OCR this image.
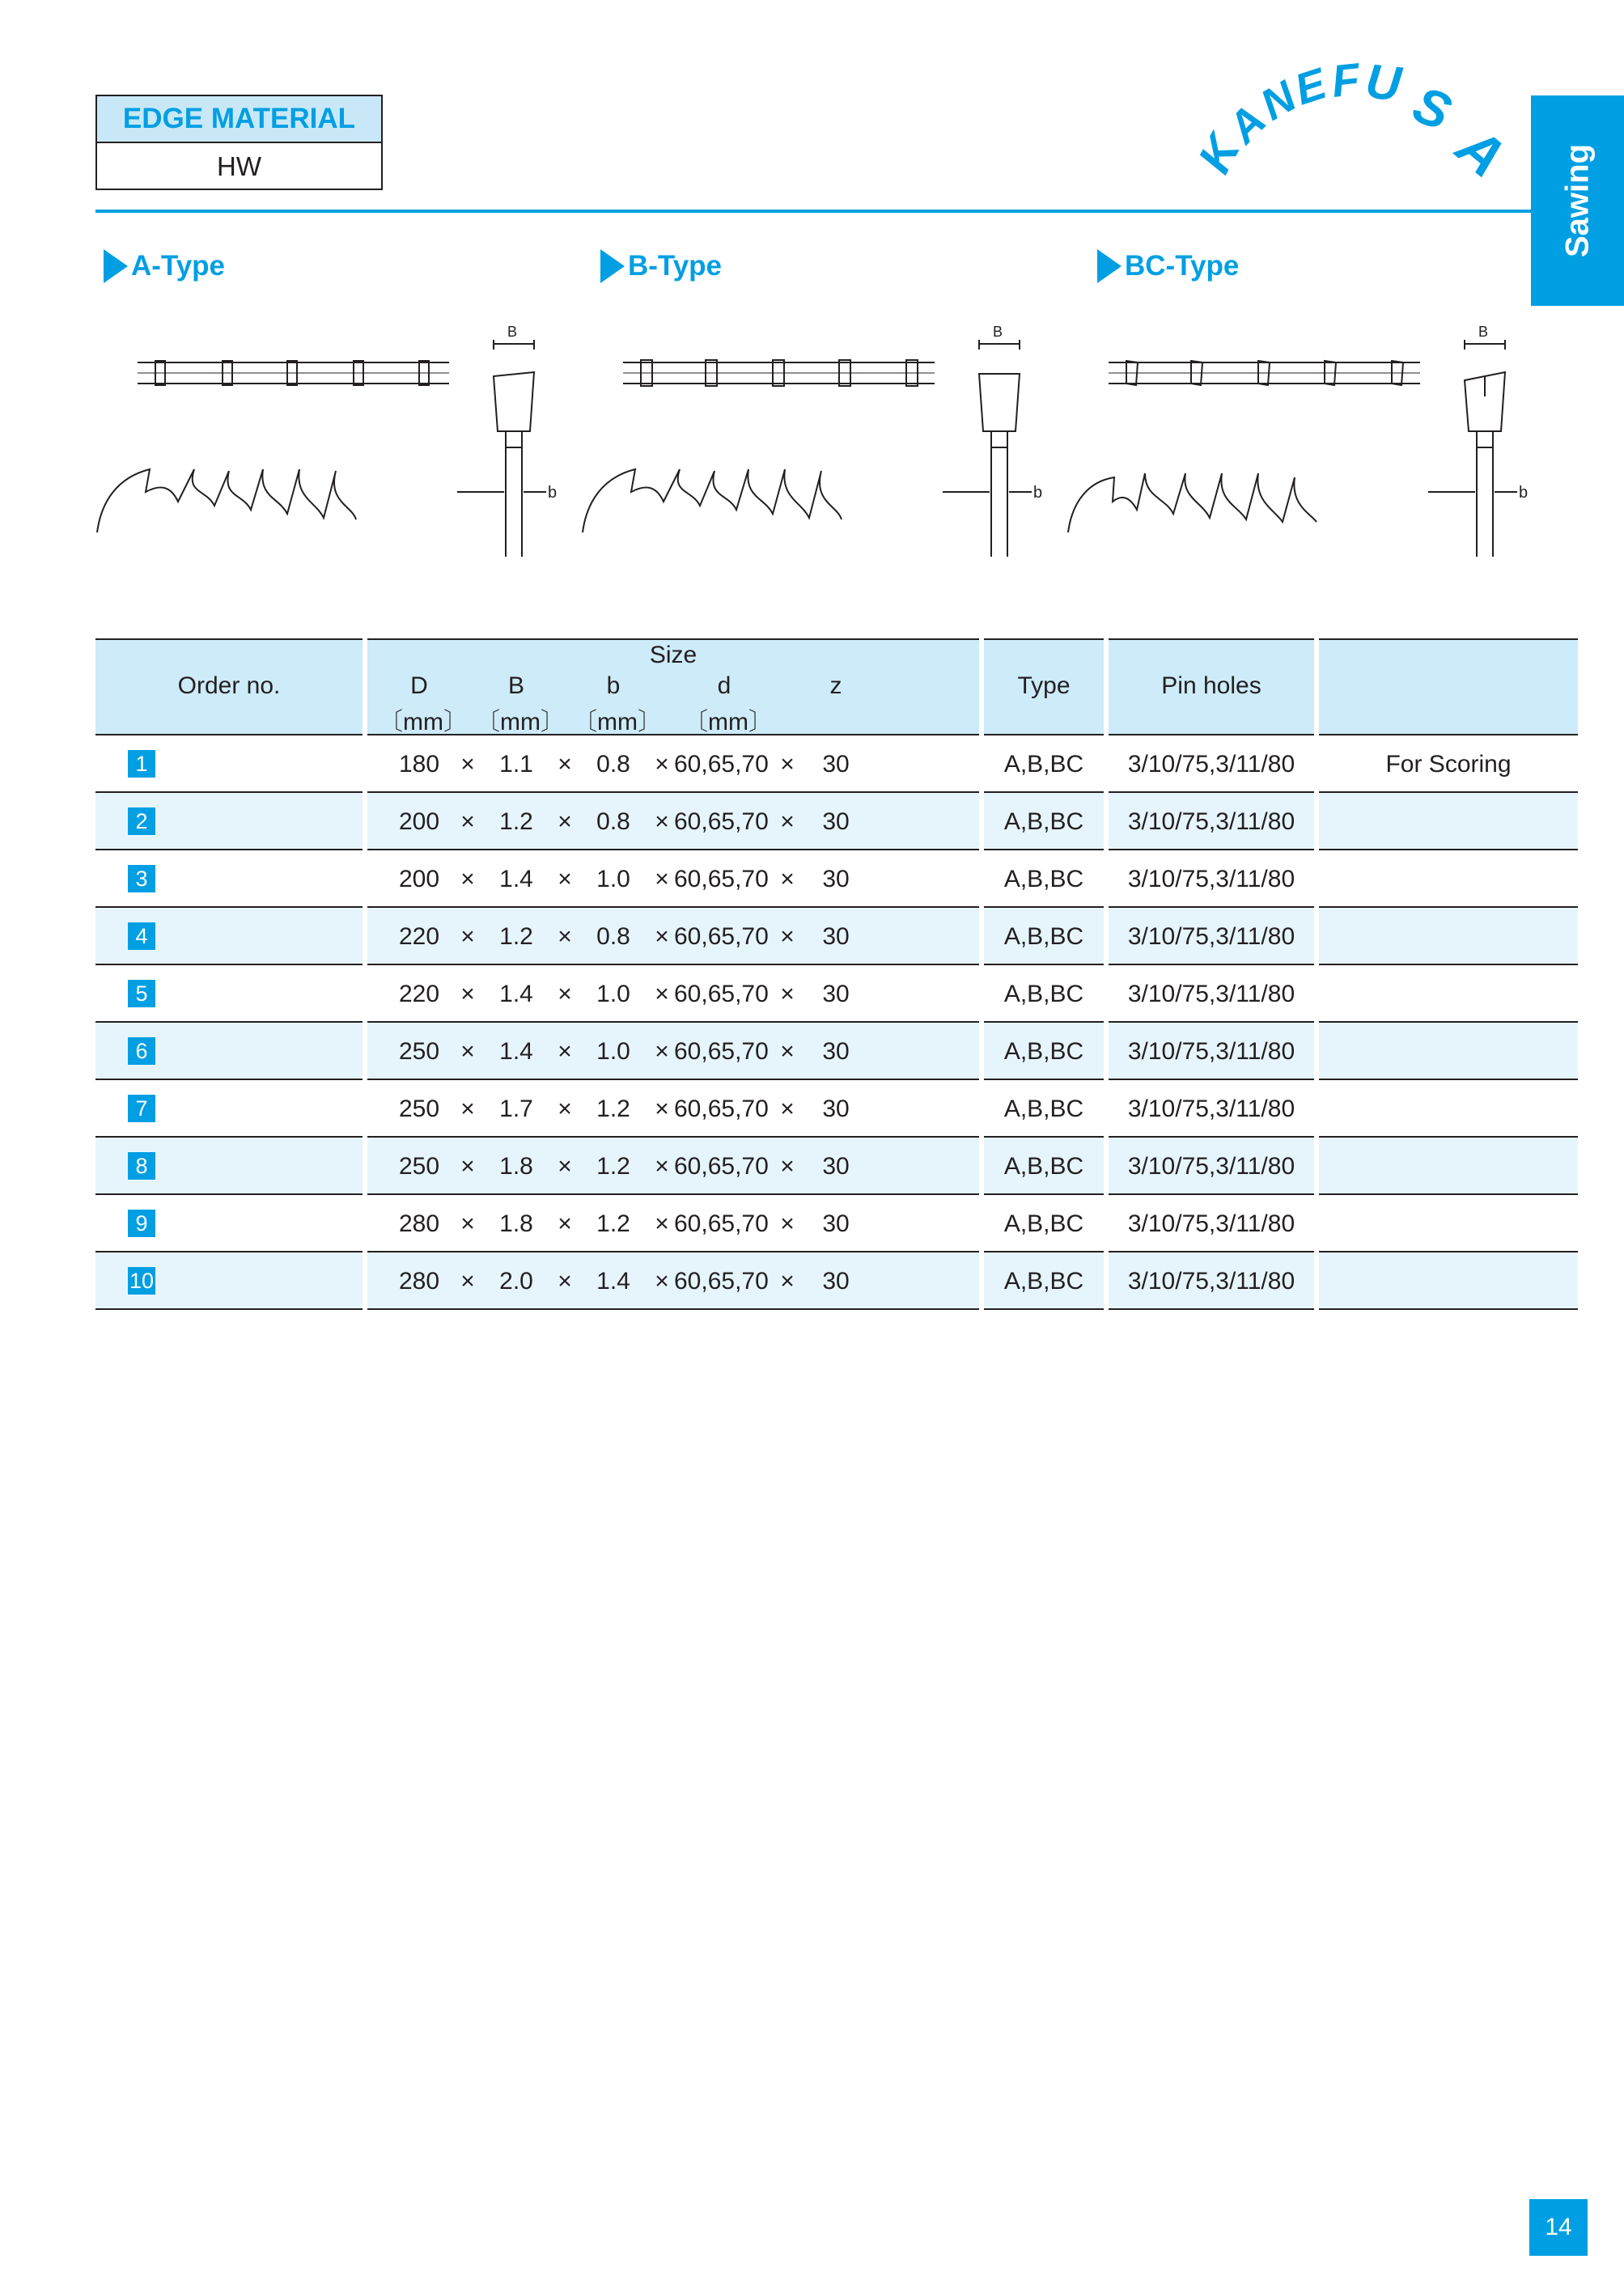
EDGE MATERIAL
HW	K
A
N
E
F U S
A Sawing
A-Type	B-Type	BC-Type
B
b
B
b
B
b
Order no.
Size
D	B	b	d	z
〔mm〕 〔mm〕 〔mm〕 〔mm〕
Type	Pin holes
1	180 ×	1.1	×	0.8	× 60,65,70 ×	30	A,B,BC	3/10/75,3/11/80	For Scoring
2	200 ×	1.2	×	0.8	× 60,65,70 ×	30	A,B,BC	3/10/75,3/11/80
3	200 ×	1.4	×	1.0	× 60,65,70 ×	30	A,B,BC	3/10/75,3/11/80
4	220 ×	1.2	×	0.8	× 60,65,70 ×	30	A,B,BC	3/10/75,3/11/80
5	220 ×	1.4	×	1.0	× 60,65,70 ×	30	A,B,BC	3/10/75,3/11/80
6	250 ×	1.4	×	1.0	× 60,65,70 ×	30	A,B,BC	3/10/75,3/11/80
7	250 ×	1.7	×	1.2	× 60,65,70 ×	30	A,B,BC	3/10/75,3/11/80
8	250 ×	1.8	×	1.2	× 60,65,70 ×	30	A,B,BC	3/10/75,3/11/80
9	280 ×	1.8	×	1.2	× 60,65,70 ×	30	A,B,BC	3/10/75,3/11/80
10	280 ×	2.0	×	1.4	× 60,65,70 ×	30	A,B,BC	3/10/75,3/11/80
14
